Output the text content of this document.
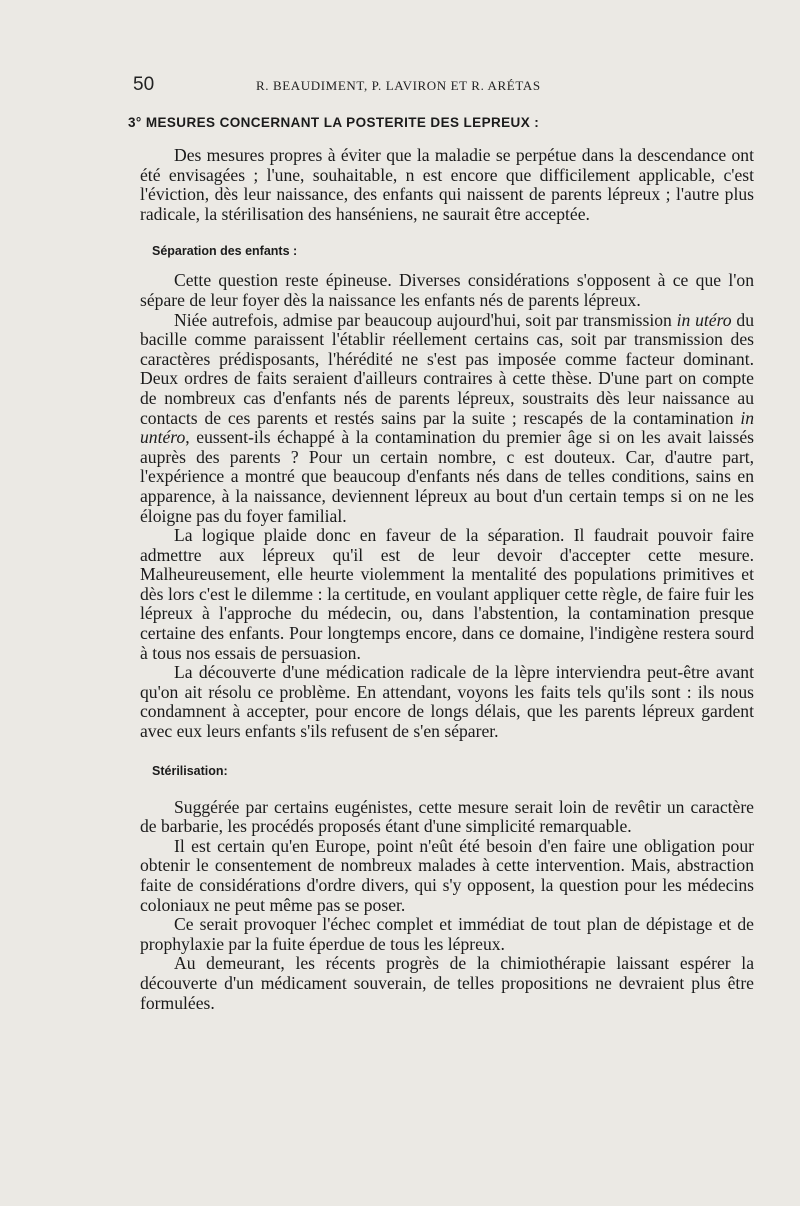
50	R. BEAUDIMENT, P. LAVIRON ET R. ARÉTAS
3° MESURES CONCERNANT LA POSTERITE DES LEPREUX :

Des mesures propres à éviter que la maladie se perpétue dans la descendance ont été envisagées ; l'une, souhaitable, n est encore que difficilement applicable, c'est l'éviction, dès leur naissance, des enfants qui naissent de parents lépreux ; l'autre plus radicale, la stérilisation des hanséniens, ne saurait être acceptée.

Séparation des enfants :

Cette question reste épineuse. Diverses considérations s'opposent à ce que l'on sépare de leur foyer dès la naissance les enfants nés de parents lépreux.

Niée autrefois, admise par beaucoup aujourd'hui, soit par transmission in utéro du bacille comme paraissent l'établir réellement certains cas, soit par transmission des caractères prédisposants, l'hérédité ne s'est pas imposée comme facteur dominant. Deux ordres de faits seraient d'ailleurs contraires à cette thèse. D'une part on compte de nombreux cas d'enfants nés de parents lépreux, soustraits dès leur naissance au contacts de ces parents et restés sains par la suite ; rescapés de la contamination in untéro, eussent-ils échappé à la contamination du premier âge si on les avait laissés auprès des parents ? Pour un certain nombre, c est douteux. Car, d'autre part, l'expérience a montré que beaucoup d'enfants nés dans de telles conditions, sains en apparence, à la naissance, deviennent lépreux au bout d'un certain temps si on ne les éloigne pas du foyer familial.

La logique plaide donc en faveur de la séparation. Il faudrait pouvoir faire admettre aux lépreux qu'il est de leur devoir d'accepter cette mesure. Malheureusement, elle heurte violemment la mentalité des populations primitives et dès lors c'est le dilemme : la certitude, en voulant appliquer cette règle, de faire fuir les lépreux à l'approche du médecin, ou, dans l'abstention, la contamination presque certaine des enfants. Pour longtemps encore, dans ce domaine, l'indigène restera sourd à tous nos essais de persuasion.

La découverte d'une médication radicale de la lèpre interviendra peut-être avant qu'on ait résolu ce problème. En attendant, voyons les faits tels qu'ils sont : ils nous condamnent à accepter, pour encore de longs délais, que les parents lépreux gardent avec eux leurs enfants s'ils refusent de s'en séparer.

Stérilisation:

Suggérée par certains eugénistes, cette mesure serait loin de revêtir un caractère de barbarie, les procédés proposés étant d'une simplicité remarquable.

Il est certain qu'en Europe, point n'eût été besoin d'en faire une obligation pour obtenir le consentement de nombreux malades à cette intervention. Mais, abstraction faite de considérations d'ordre divers, qui s'y opposent, la question pour les médecins coloniaux ne peut même pas se poser.

Ce serait provoquer l'échec complet et immédiat de tout plan de dépistage et de prophylaxie par la fuite éperdue de tous les lépreux.

Au demeurant, les récents progrès de la chimiothérapie laissant espérer la découverte d'un médicament souverain, de telles propositions ne devraient plus être formulées.
